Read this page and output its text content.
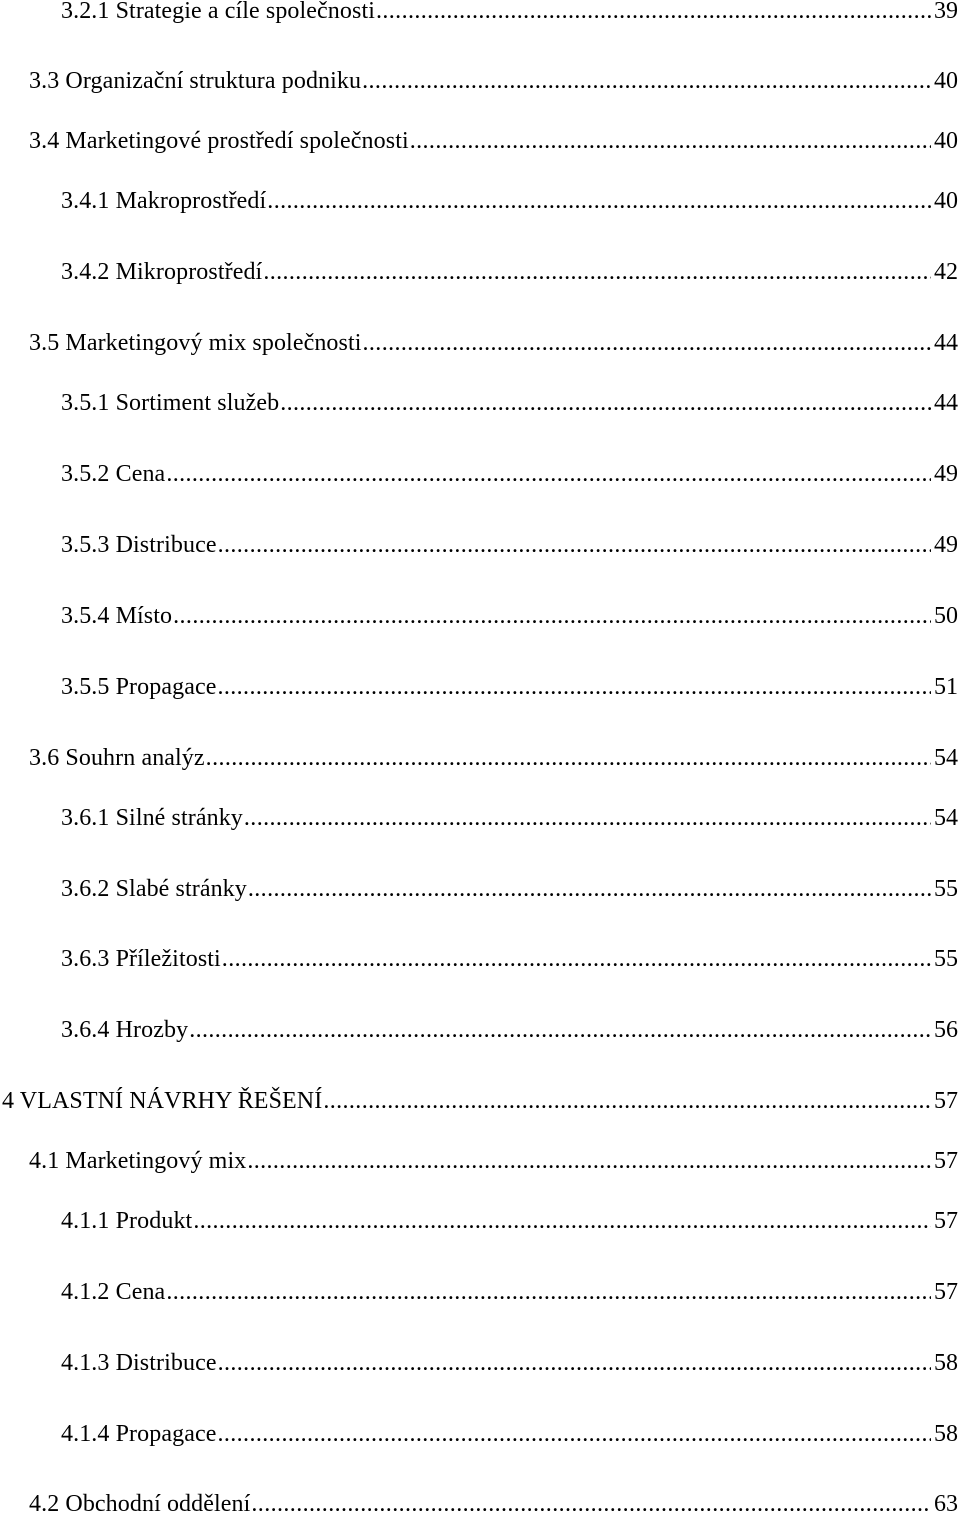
3.2.1 Strategie a cíle společnosti .....	39
3.3 Organizační struktura podniku .....	40
3.4 Marketingové prostředí společnosti .....	40
3.4.1 Makroprostředí .....	40
3.4.2 Mikroprostředí .....	42
3.5 Marketingový mix společnosti .....	44
3.5.1 Sortiment služeb .....	44
3.5.2 Cena .....	49
3.5.3 Distribuce .....	49
3.5.4 Místo .....	50
3.5.5 Propagace .....	51
3.6 Souhrn analýz .....	54
3.6.1 Silné stránky .....	54
3.6.2 Slabé stránky .....	55
3.6.3 Příležitosti .....	55
3.6.4 Hrozby .....	56
4 VLASTNÍ NÁVRHY ŘEŠENÍ .....	57
4.1 Marketingový mix .....	57
4.1.1 Produkt .....	57
4.1.2 Cena .....	57
4.1.3 Distribuce .....	58
4.1.4 Propagace .....	58
4.2 Obchodní oddělení .....	63
